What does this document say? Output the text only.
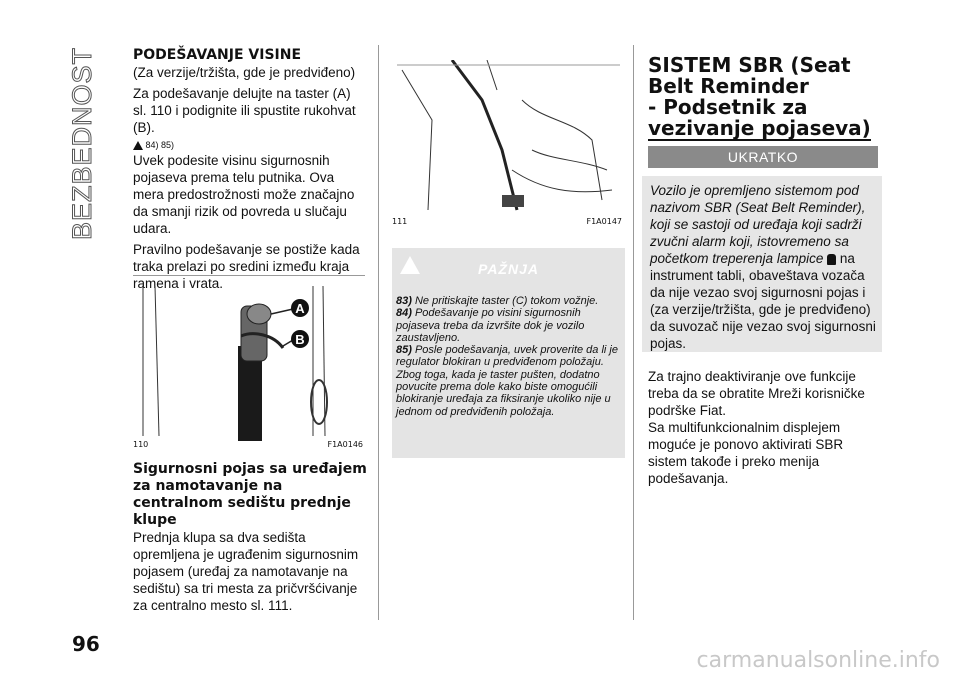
BEZBEDNOST	PODEŠAVANJE VISINE

(Za verzije/tržišta, gde je predviđeno)

Za podešavanje delujte na taster (A) sl. 110 i podignite ili spustite rukohvat (B).

84) 85)

Uvek podesite visinu sigurnosnih pojaseva prema telu putnika. Ova mera predostrožnosti može značajno da smanji rizik od povreda u slučaju udara.

Pravilno podešavanje se postiže kada traka prelazi po sredini između kraja ramena i vrata.

A
B
110	F1A0146

Sigurnosni pojas sa uređajem za namotavanje na centralnom sedištu prednje klupe

Prednja klupa sa dva sedišta opremljena je ugrađenim sigurnosnim pojasem (uređaj za namotavanje na sedištu) sa tri mesta za pričvršćivanje za centralno mesto sl. 111.

111	F1A0147
PAŽNJA

83) Ne pritiskajte taster (C) tokom vožnje.

84) Podešavanje po visini sigurnosnih pojaseva treba da izvršite dok je vozilo zaustavljeno.

85) Posle podešavanja, uvek proverite da li je regulator blokiran u predviđenom položaju. Zbog toga, kada je taster pušten, dodatno povucite prema dole kako biste omogućili blokiranje uređaja za fiksiranje ukoliko nije u jednom od predviđenih položaja.

SISTEM SBR (Seat
Belt Reminder
- Podsetnik za
vezivanje pojaseva)
UKRATKO
Vozilo je opremljeno sistemom pod nazivom SBR (Seat Belt Reminder), koji se sastoji od uređaja koji sadrži zvučni alarm koji, istovremeno sa početkom treperenja lampice na instrument tabli, obaveštava vozača da nije vezao svoj sigurnosni pojas i (za verzije/tržišta, gde je predviđeno) da suvozač nije vezao svoj sigurnosni pojas.

Za trajno deaktiviranje ove funkcije treba da se obratite Mreži korisničke podrške Fiat.

Sa multifunkcionalnim displejem moguće je ponovo aktivirati SBR sistem takođe i preko menija podešavanja.

96
carmanualsonline.info
